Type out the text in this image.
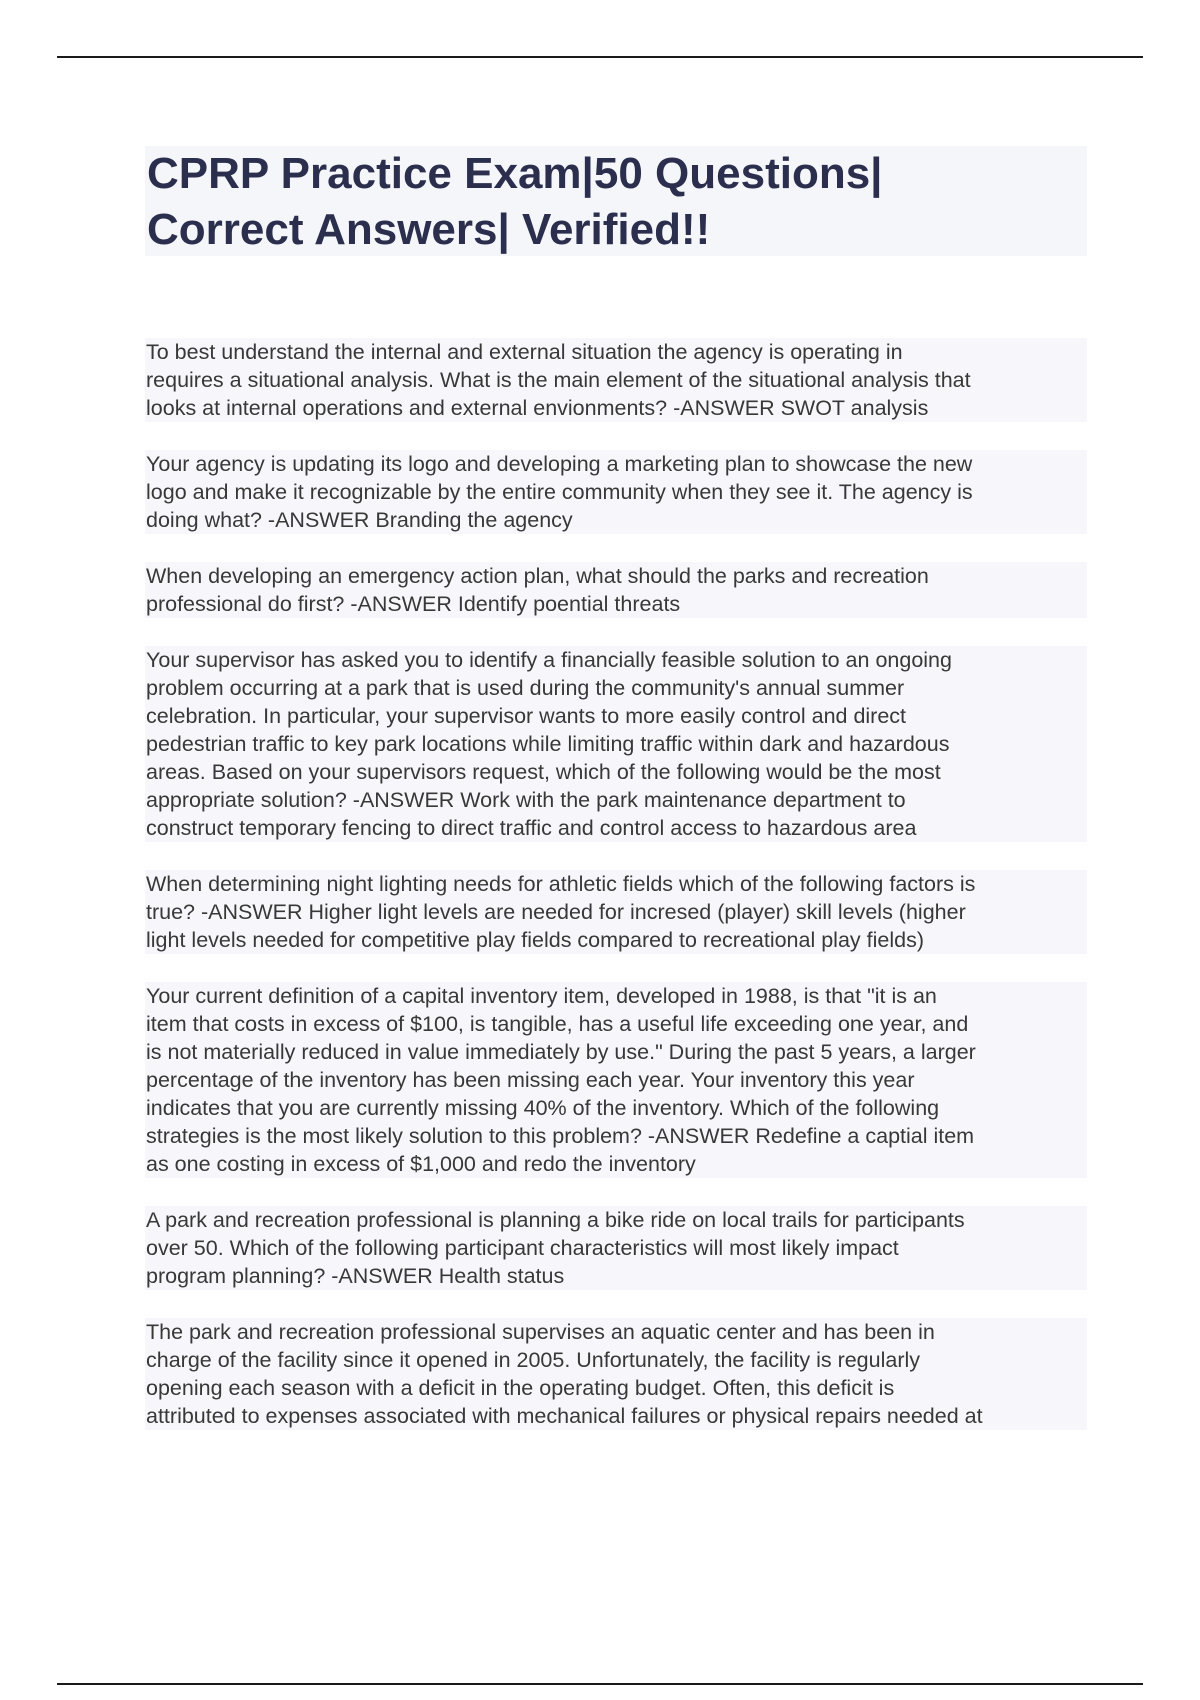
CPRP Practice Exam|50 Questions|
Correct Answers| Verified!!
To best understand the internal and external situation the agency is operating in
requires a situational analysis. What is the main element of the situational analysis that
looks at internal operations and external envionments? -ANSWER SWOT analysis
Your agency is updating its logo and developing a marketing plan to showcase the new
logo and make it recognizable by the entire community when they see it. The agency is
doing what? -ANSWER Branding the agency
When developing an emergency action plan, what should the parks and recreation
professional do first? -ANSWER Identify poential threats
Your supervisor has asked you to identify a financially feasible solution to an ongoing
problem occurring at a park that is used during the community's annual summer
celebration. In particular, your supervisor wants to more easily control and direct
pedestrian traffic to key park locations while limiting traffic within dark and hazardous
areas. Based on your supervisors request, which of the following would be the most
appropriate solution? -ANSWER Work with the park maintenance department to
construct temporary fencing to direct traffic and control access to hazardous area
When determining night lighting needs for athletic fields which of the following factors is
true? -ANSWER Higher light levels are needed for incresed (player) skill levels (higher
light levels needed for competitive play fields compared to recreational play fields)
Your current definition of a capital inventory item, developed in 1988, is that "it is an
item that costs in excess of $100, is tangible, has a useful life exceeding one year, and
is not materially reduced in value immediately by use." During the past 5 years, a larger
percentage of the inventory has been missing each year. Your inventory this year
indicates that you are currently missing 40% of the inventory. Which of the following
strategies is the most likely solution to this problem? -ANSWER Redefine a captial item
as one costing in excess of $1,000 and redo the inventory
A park and recreation professional is planning a bike ride on local trails for participants
over 50. Which of the following participant characteristics will most likely impact
program planning? -ANSWER Health status
The park and recreation professional supervises an aquatic center and has been in
charge of the facility since it opened in 2005. Unfortunately, the facility is regularly
opening each season with a deficit in the operating budget. Often, this deficit is
attributed to expenses associated with mechanical failures or physical repairs needed at
